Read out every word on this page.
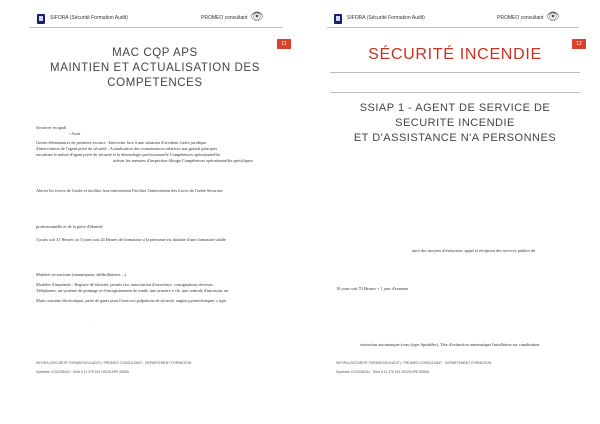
SIFORA (Sécurité Formation Audit)	PROMEO consultant 👁
11
MAC CQP APS
MAINTIEN ET ACTUALISATION DES
COMPETENCES
d'exercer en quali
/ Avoir
Gestes élémentaires de premiers secours : Intervenir face à une situation d'accident Cadre juridique
d'intervention de l'agent privé de sécurité : Actualisation des connaissances relatives aux grands principes
encadrant le métier d'agent privé de sécurité et la déontologie professionnelle Compétences opérationnelles
activer les mesures d'inspection filtrage Compétences opérationnelles spécifiques
Alerter les forces de l'ordre et faciliter leur intervention Faciliter l'intervention des forces de l'ordre Sécuriser
professionnelle et de la pièce d'identité
3 jours soit 31 Heures ou 3 jours soit 24 Heures de formation si la personne est titulaire d'une formation valide
Matériel secourisme (mannequins, défibrillateurs…)
Modèles d'imprimés : Registre de sécurité, permis feu, autorisation d'ouverture, consignations diverses.
Téléphones, un système de pointage et d'enregistrement de ronde, une armoire à clé, une centrale d'intrusion, un
Main courante électronique, paire de gants pour l'exercice palpations de sécurité, engins pyrotechniques « type
.
SIFORA (SECURITE FORMATION AUDIT) / PROMEO CONSULTANT · DEPARTEMENT FORMATION
Sylvestre COUSSEAU · Siret 5 11 475 514 00025 APE 8559A
SIFORA (Sécurité Formation Audit)	PROMEO consultant 👁
12
SÉCURITÉ INCENDIE
SSIAP 1 - AGENT DE SERVICE DE
SECURITE INCENDIE
ET D'ASSISTANCE N'A PERSONNES
ance des moyens d'extinction, appel et réception des services publics de
10 jours soit 70 Heures + 1 jour d'examen
extinction automatique à eau (type Sprinkler), Tête d'extinction automatique Installation sur canalisation
SIFORA (SECURITE FORMATION AUDIT) / PROMEO CONSULTANT · DEPARTEMENT FORMATION
Sylvestre COUSSEAU · Siret 5 11 475 514 00025 APE 8559A
